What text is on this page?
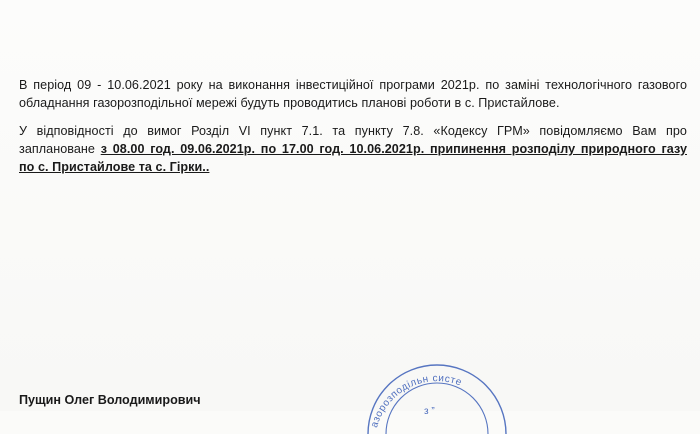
В період 09 - 10.06.2021 року на виконання інвестиційної програми 2021р. по заміні технологічного газового
обладнання газорозподільної мережі будуть проводитись планові роботи в с. Пристайлове.
У відповідності до вимог Розділ VI пункт 7.1. та пункту 7.8. «Кодексу ГРМ» повідомляємо Вам про
заплановане з 08.00 год. 09.06.2021р. по 17.00 год. 10.06.2021р. припинення розподілу природного газу
по с. Пристайлове та с. Гірки..
Пущин Олег Володимирович
азорозподільн систе
з ”
